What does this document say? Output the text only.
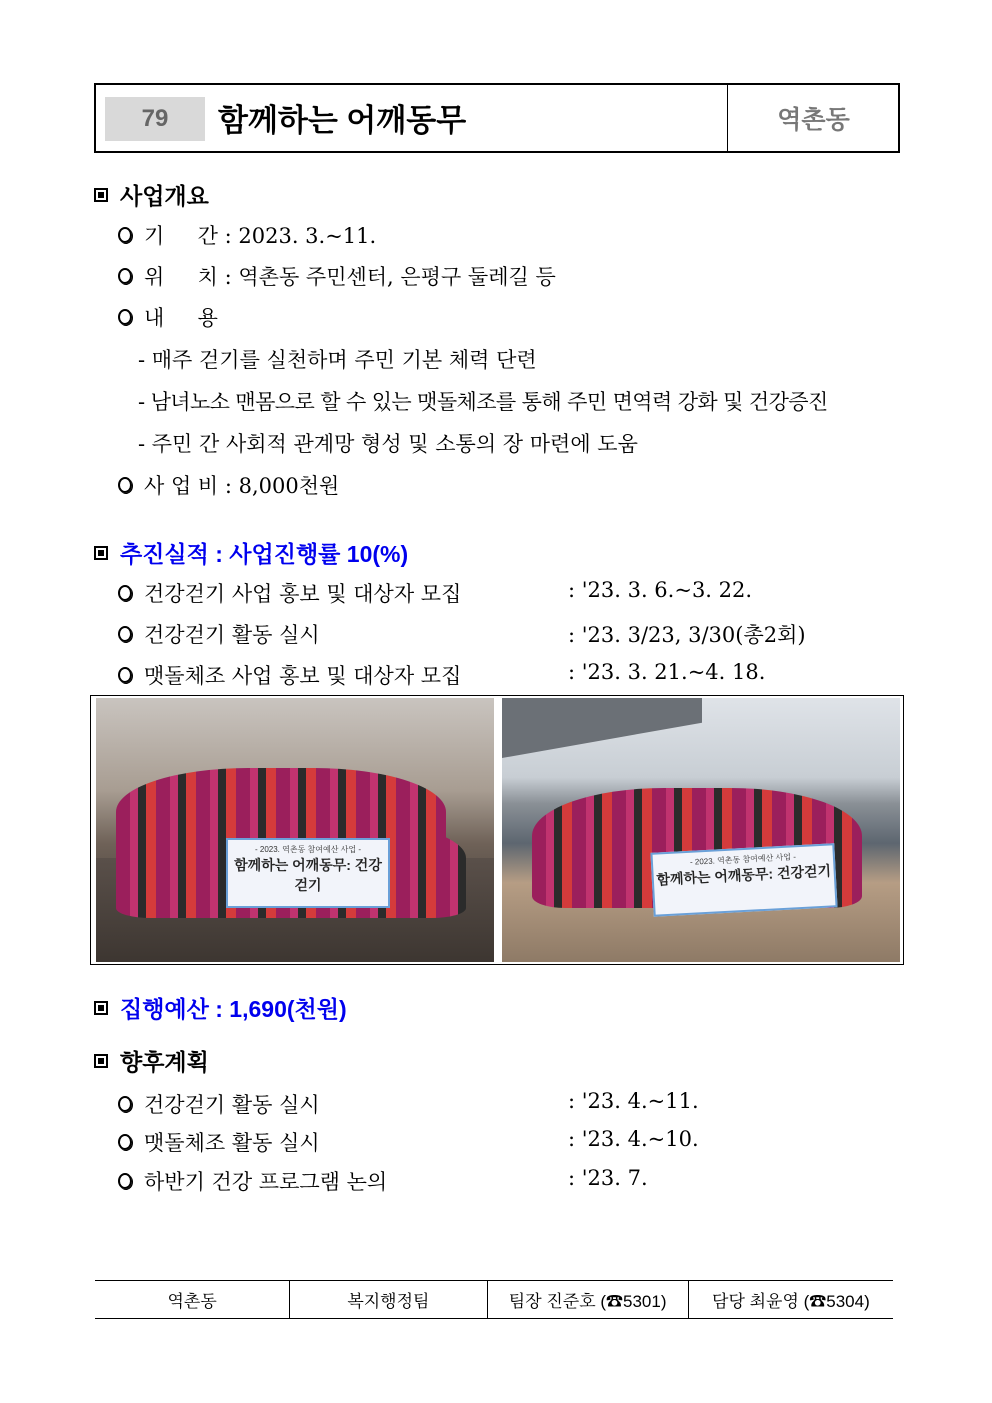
79	함께하는 어깨동무	역촌동
사업개요
기     간 : 2023. 3.~11.
위     치 : 역촌동 주민센터, 은평구 둘레길 등
내     용
- 매주 걷기를 실천하며 주민 기본 체력 단련
- 남녀노소 맨몸으로 할 수 있는 맷돌체조를 통해 주민 면역력 강화 및 건강증진
- 주민 간 사회적 관계망 형성 및 소통의 장 마련에 도움
사 업 비 : 8,000천원
추진실적 : 사업진행률 10(%)
건강걷기 사업 홍보 및 대상자 모집	: '23. 3. 6.~3. 22.
건강걷기 활동 실시	: '23. 3/23, 3/30(총2회)
맷돌체조 사업 홍보 및 대상자 모집	: '23. 3. 21.~4. 18.
- 2023. 역촌동 참여예산 사업 -
함께하는 어깨동무: 건강걷기
- 2023. 역촌동 참여예산 사업 -
함께하는 어깨동무: 건강걷기
집행예산 : 1,690(천원)
향후계획
건강걷기 활동 실시	: '23. 4.~11.
맷돌체조 활동 실시	: '23. 4.~10.
하반기 건강 프로그램 논의	: '23. 7.
역촌동	복지행정팀	팀장 진준호 (☎5301)	담당 최윤영 (☎5304)
